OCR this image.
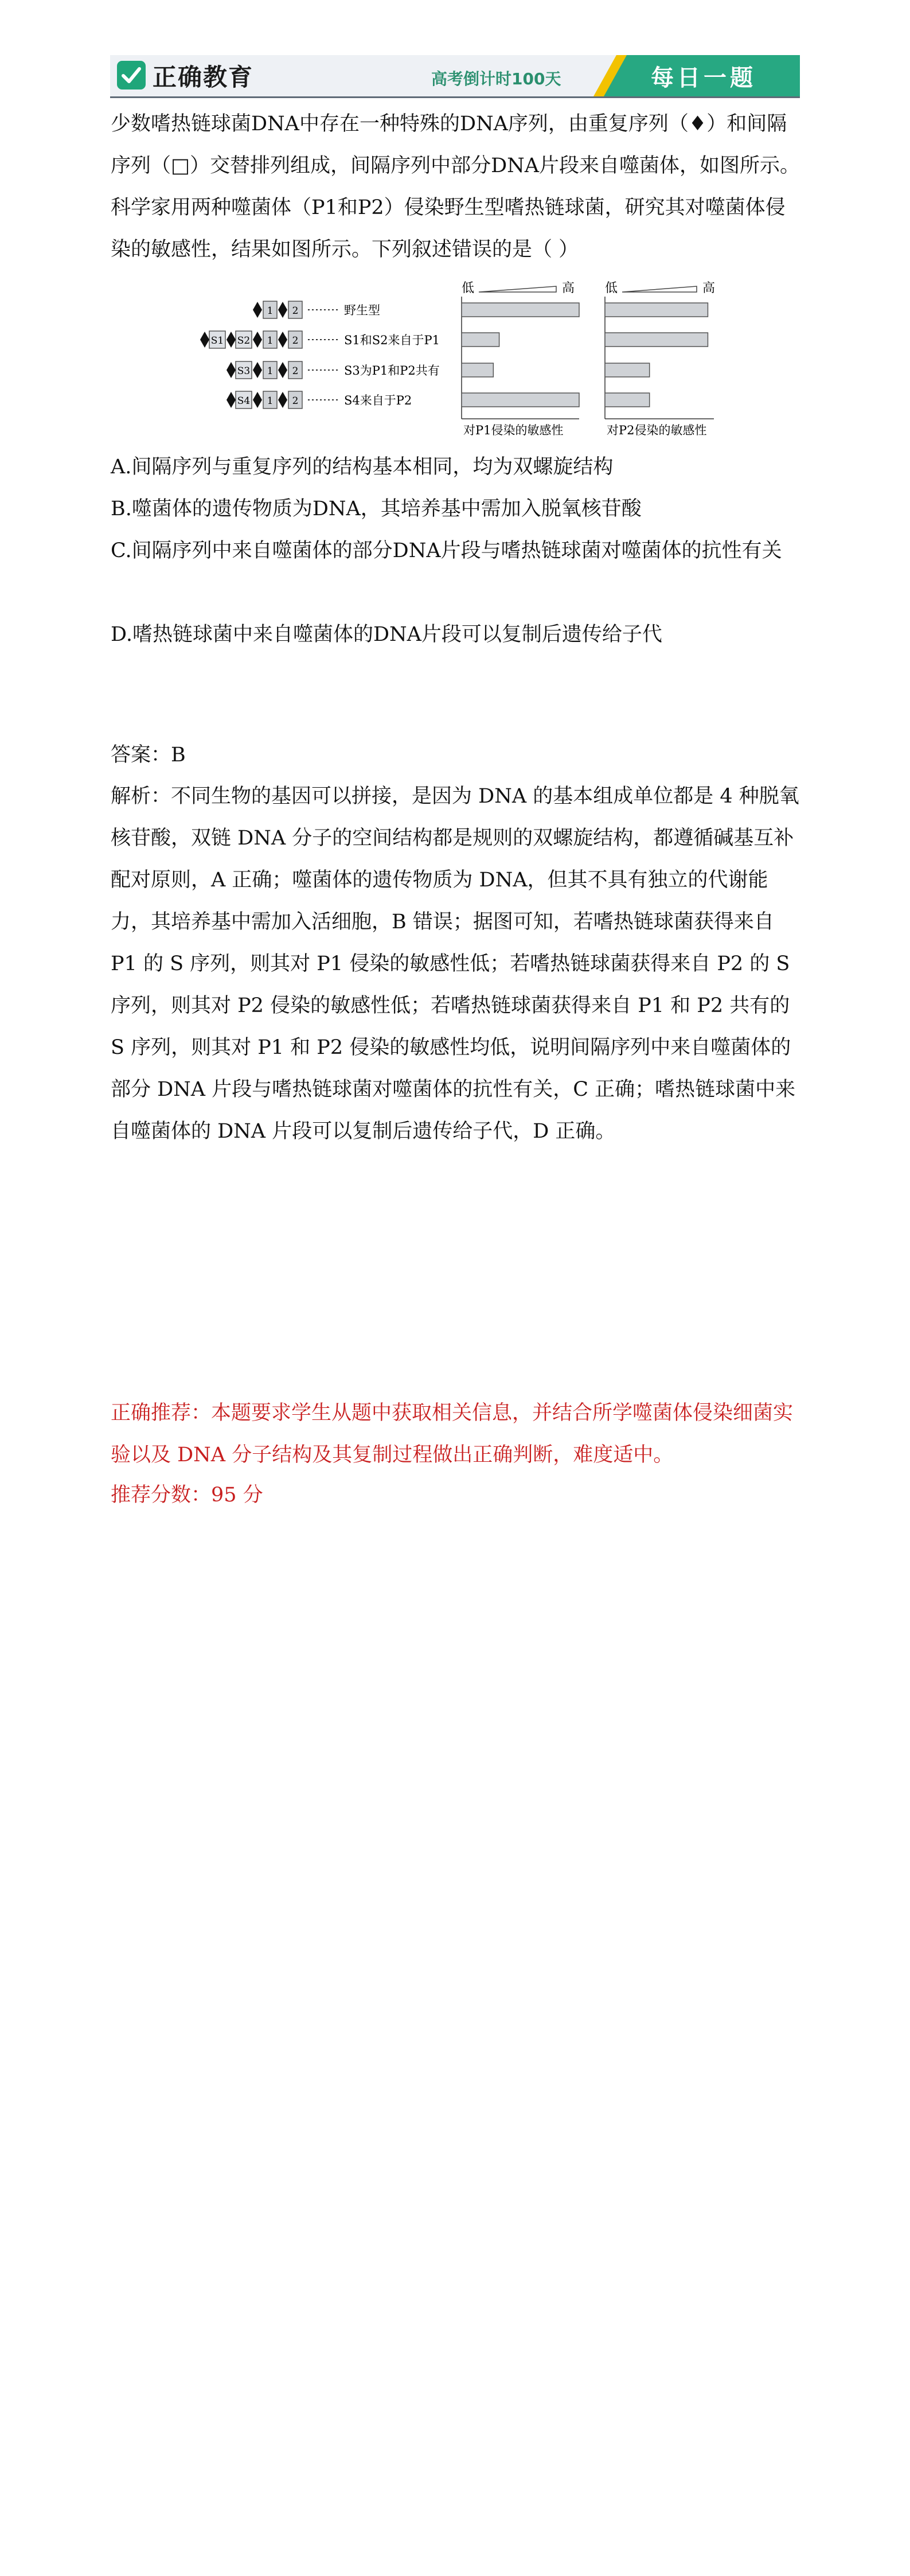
正确教育	高考倒计时100天	每日一题

少数嗜热链球菌DNA中存在一种特殊的DNA序列，由重复序列（♦）和间隔序列（□）交替排列组成，间隔序列中部分DNA片段来自噬菌体，如图所示。科学家用两种噬菌体（P1和P2）侵染野生型嗜热链球菌，研究其对噬菌体侵染的敏感性，结果如图所示。下列叙述错误的是（ ）

低	高 低	高
1 2	野生型
1 2
S2
S1	S1和S2来自于P1
1 2
S3	S3为P1和P2共有
1 2
S4	S4来自于P2
对P1侵染的敏感性	对P2侵染的敏感性

A.间隔序列与重复序列的结构基本相同，均为双螺旋结构

B.噬菌体的遗传物质为DNA，其培养基中需加入脱氧核苷酸

C.间隔序列中来自噬菌体的部分DNA片段与嗜热链球菌对噬菌体的抗性有关

D.嗜热链球菌中来自噬菌体的DNA片段可以复制后遗传给子代

答案：B

解析：不同生物的基因可以拼接，是因为 DNA 的基本组成单位都是 4 种脱氧核苷酸，双链 DNA 分子的空间结构都是规则的双螺旋结构，都遵循碱基互补配对原则，A 正确；噬菌体的遗传物质为 DNA，但其不具有独立的代谢能力，其培养基中需加入活细胞，B 错误；据图可知，若嗜热链球菌获得来自 P1 的 S 序列，则其对 P1 侵染的敏感性低；若嗜热链球菌获得来自 P2 的 S 序列，则其对 P2 侵染的敏感性低；若嗜热链球菌获得来自 P1 和 P2 共有的 S 序列，则其对 P1 和 P2 侵染的敏感性均低，说明间隔序列中来自噬菌体的部分 DNA 片段与嗜热链球菌对噬菌体的抗性有关，C 正确；嗜热链球菌中来自噬菌体的 DNA 片段可以复制后遗传给子代，D 正确。

正确推荐：本题要求学生从题中获取相关信息，并结合所学噬菌体侵染细菌实验以及 DNA 分子结构及其复制过程做出正确判断，难度适中。

推荐分数：95 分
